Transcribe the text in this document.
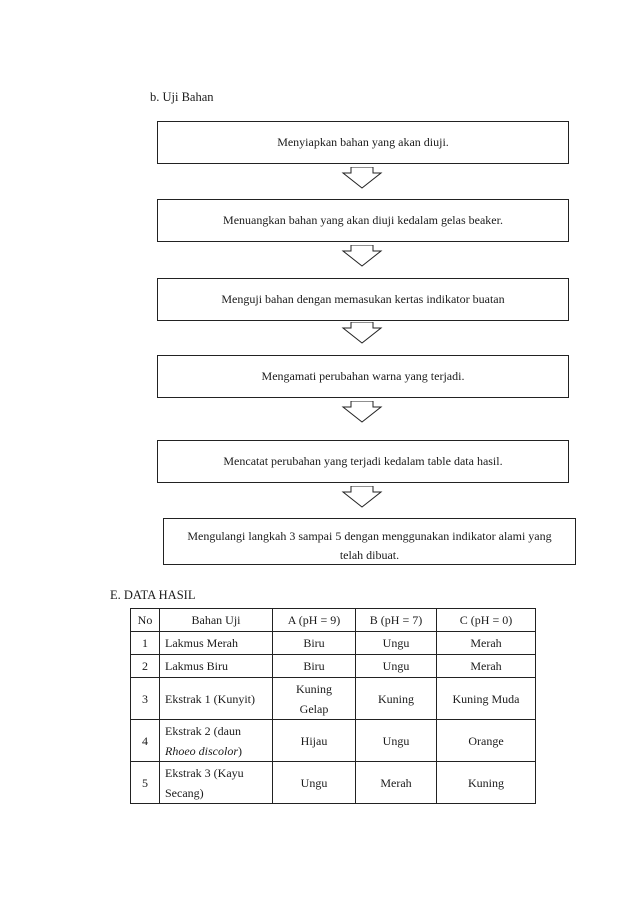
b. Uji Bahan
Menyiapkan bahan yang akan diuji.
Menuangkan bahan yang akan diuji kedalam gelas beaker.
Menguji bahan dengan memasukan kertas indikator buatan
Mengamati perubahan warna yang terjadi.
Mencatat perubahan yang terjadi kedalam table data hasil.
Mengulangi langkah 3 sampai 5 dengan menggunakan indikator alami yang
telah dibuat.
E. DATA HASIL
No	Bahan Uji	A (pH = 9)	B (pH = 7)	C (pH = 0)
1	Lakmus Merah	Biru	Ungu	Merah
2	Lakmus Biru	Biru	Ungu	Merah
3	Ekstrak 1 (Kunyit)	Kuning
Gelap	Kuning	Kuning Muda
4	Ekstrak 2 (daun
Rhoeo discolor)	Hijau	Ungu	Orange
5	Ekstrak 3 (Kayu
Secang)	Ungu	Merah	Kuning
